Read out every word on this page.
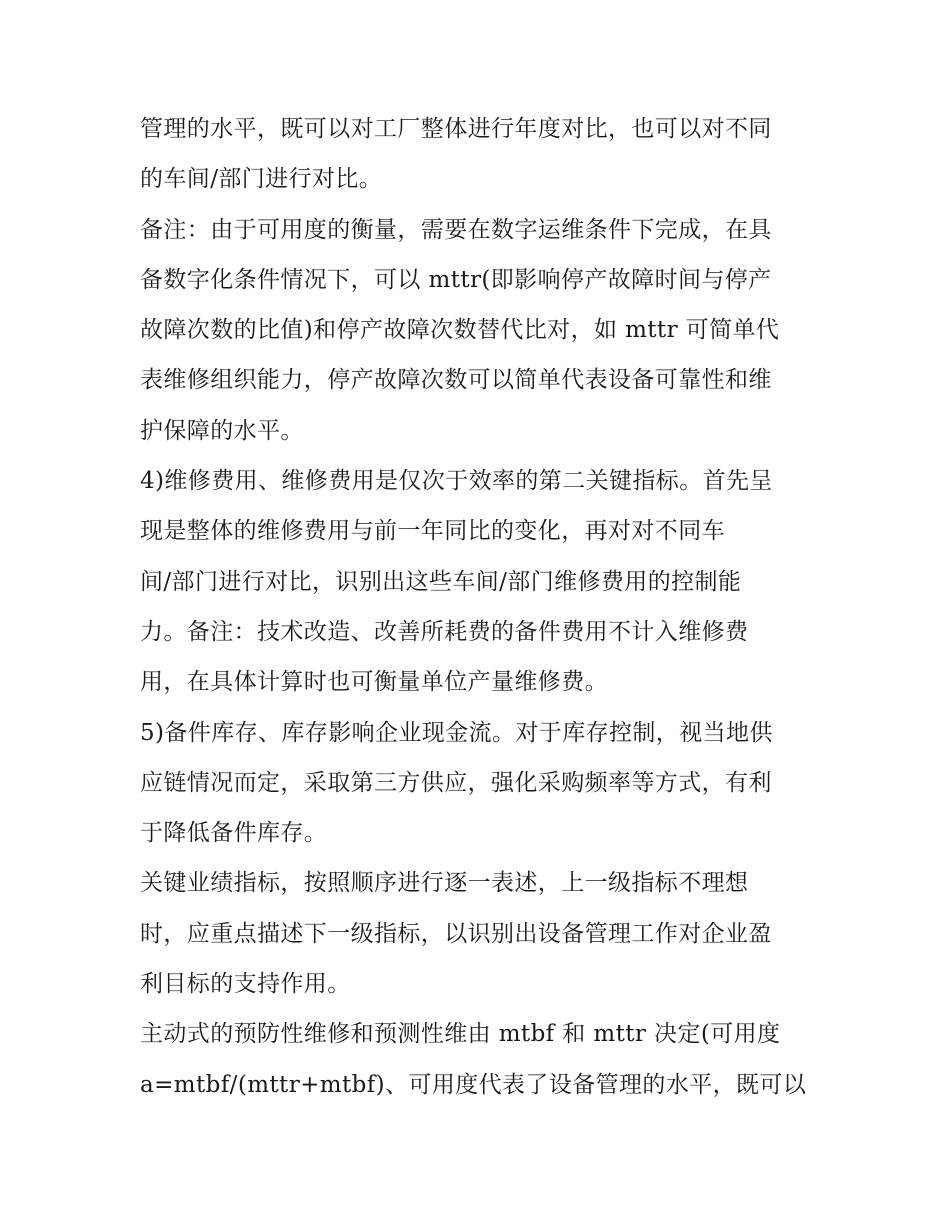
管理的水平，既可以对工厂整体进行年度对比，也可以对不同
的车间/部门进行对比。

备注：由于可用度的衡量，需要在数字运维条件下完成，在具
备数字化条件情况下，可以 mttr(即影响停产故障时间与停产
故障次数的比值)和停产故障次数替代比对，如 mttr 可简单代
表维修组织能力，停产故障次数可以简单代表设备可靠性和维
护保障的水平。

4)维修费用、维修费用是仅次于效率的第二关键指标。首先呈
现是整体的维修费用与前一年同比的变化，再对对不同车
间/部门进行对比，识别出这些车间/部门维修费用的控制能
力。备注：技术改造、改善所耗费的备件费用不计入维修费
用，在具体计算时也可衡量单位产量维修费。

5)备件库存、库存影响企业现金流。对于库存控制，视当地供
应链情况而定，采取第三方供应，强化采购频率等方式，有利
于降低备件库存。

关键业绩指标，按照顺序进行逐一表述，上一级指标不理想
时，应重点描述下一级指标，以识别出设备管理工作对企业盈
利目标的支持作用。

主动式的预防性维修和预测性维由 mtbf 和 mttr 决定(可用度
a=mtbf/(mttr+mtbf)、可用度代表了设备管理的水平，既可以
